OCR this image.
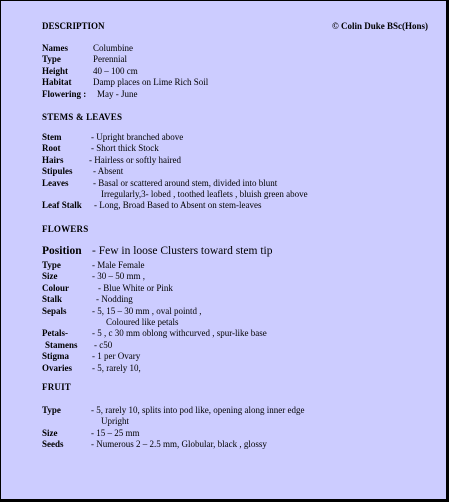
DESCRIPTION	© Colin Duke BSc(Hons)
Names	Columbine
Type	Perennial
Height	40 – 100 cm
Habitat Damp places on Lime Rich Soil
Flowering : May - June
STEMS & LEAVES
Stem	- Upright branched above
Root	- Short thick Stock
Hairs	- Hairless or softly haired
Stipules - Absent
Leaves	- Basal or scattered around stem, divided into blunt
Irregularly,3- lobed , toothed leaflets , bluish green above
Leaf Stalk - Long, Broad Based to Absent on stem-leaves
FLOWERS
Position - Few in loose Clusters toward stem tip
Type	- Male Female
Size	- 30 – 50 mm ,
Colour	- Blue White or Pink
Stalk	- Nodding
Sepals	- 5, 15 – 30 mm , oval pointd ,
Coloured like petals
Petals-	- 5 , c 30 mm oblong withcurved , spur-like base
Stamens - c50
Stigma	- 1 per Ovary
Ovaries - 5, rarely 10,
FRUIT
Type	- 5, rarely 10, splits into pod like, opening along inner edge
Upright
Size	- 15 – 25 mm
Seeds	- Numerous 2 – 2.5 mm, Globular, black , glossy
